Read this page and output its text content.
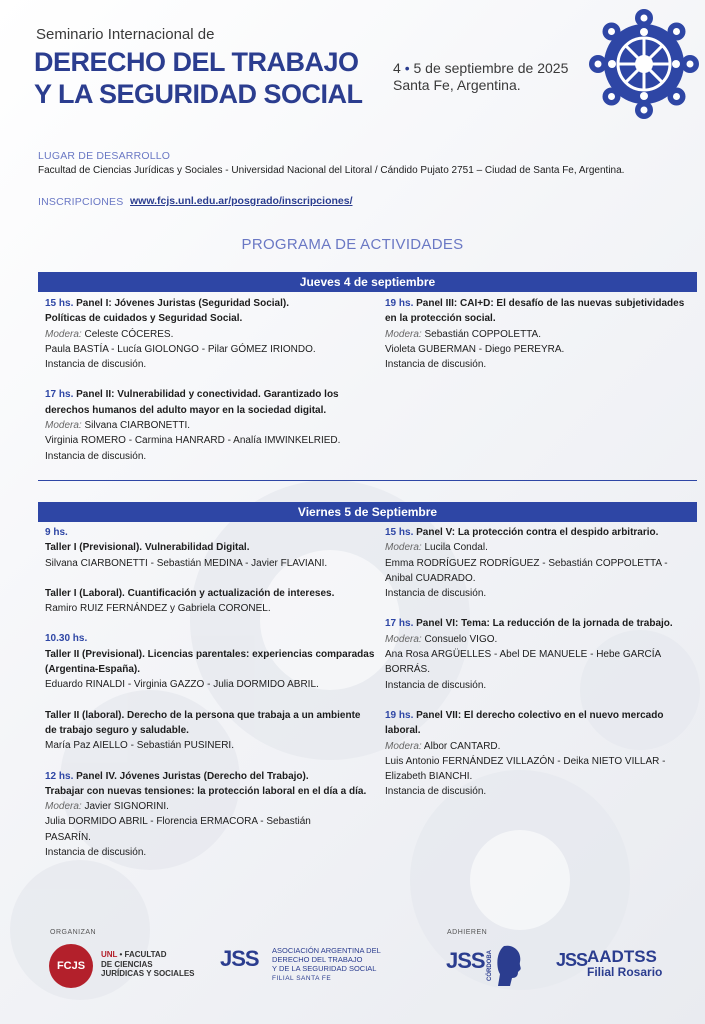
Seminario Internacional de
DERECHO DEL TRABAJO
Y LA SEGURIDAD SOCIAL
4 • 5 de septiembre de 2025
Santa Fe, Argentina.
LUGAR DE DESARROLLO
Facultad de Ciencias Jurídicas y Sociales - Universidad Nacional del Litoral / Cándido Pujato 2751 – Ciudad de Santa Fe, Argentina.
INSCRIPCIONES www.fcjs.unl.edu.ar/posgrado/inscripciones/
PROGRAMA DE ACTIVIDADES
Jueves 4 de septiembre
15 hs. Panel I: Jóvenes Juristas (Seguridad Social).
Políticas de cuidados y Seguridad Social.
Modera: Celeste CÓCERES.
Paula BASTÍA - Lucía GIOLONGO - Pilar GÓMEZ IRIONDO.
Instancia de discusión.
17 hs. Panel II: Vulnerabilidad y conectividad. Garantizado los
derechos humanos del adulto mayor en la sociedad digital.
Modera: Silvana CIARBONETTI.
Virginia ROMERO - Carmina HANRARD - Analía IMWINKELRIED.
Instancia de discusión.
19 hs. Panel III: CAI+D: El desafío de las nuevas subjetividades
en la protección social.
Modera: Sebastián COPPOLETTA.
Violeta GUBERMAN - Diego PEREYRA.
Instancia de discusión.
Viernes 5 de Septiembre
9 hs.
Taller I (Previsional). Vulnerabilidad Digital.
Silvana CIARBONETTI - Sebastián MEDINA - Javier FLAVIANI.
Taller I (Laboral). Cuantificación y actualización de intereses.
Ramiro RUIZ FERNÁNDEZ y Gabriela CORONEL.
10.30 hs.
Taller II (Previsional). Licencias parentales: experiencias comparadas
(Argentina-España).
Eduardo RINALDI - Virginia GAZZO - Julia DORMIDO ABRIL.
Taller II (laboral). Derecho de la persona que trabaja a un ambiente
de trabajo seguro y saludable.
María Paz AIELLO - Sebastián PUSINERI.
12 hs. Panel IV. Jóvenes Juristas (Derecho del Trabajo).
Trabajar con nuevas tensiones: la protección laboral en el día a día.
Modera: Javier SIGNORINI.
Julia DORMIDO ABRIL - Florencia ERMACORA - Sebastián
PASARÍN.
Instancia de discusión.
15 hs. Panel V: La protección contra el despido arbitrario.
Modera: Lucila Condal.
Emma RODRÍGUEZ RODRÍGUEZ - Sebastián COPPOLETTA -
Anibal CUADRADO.
Instancia de discusión.
17 hs. Panel VI: Tema: La reducción de la jornada de trabajo.
Modera: Consuelo VIGO.
Ana Rosa ARGÜELLES - Abel DE MANUELE - Hebe GARCÍA
BORRÁS.
Instancia de discusión.
19 hs. Panel VII: El derecho colectivo en el nuevo mercado
laboral.
Modera: Albor CANTARD.
Luis Antonio FERNÁNDEZ VILLAZÓN - Deika NIETO VILLAR -
Elizabeth BIANCHI.
Instancia de discusión.
ORGANIZAN
FCJS
UNL • FACULTAD
DE CIENCIAS
JURÍDICAS Y SOCIALES
JSS ASOCIACIÓN ARGENTINA DEL
DERECHO DEL TRABAJO
Y DE LA SEGURIDAD SOCIAL
FILIAL SANTA FE
ADHIEREN
JSS CÓRDOBA	JSS AADTSS
Filial Rosario
